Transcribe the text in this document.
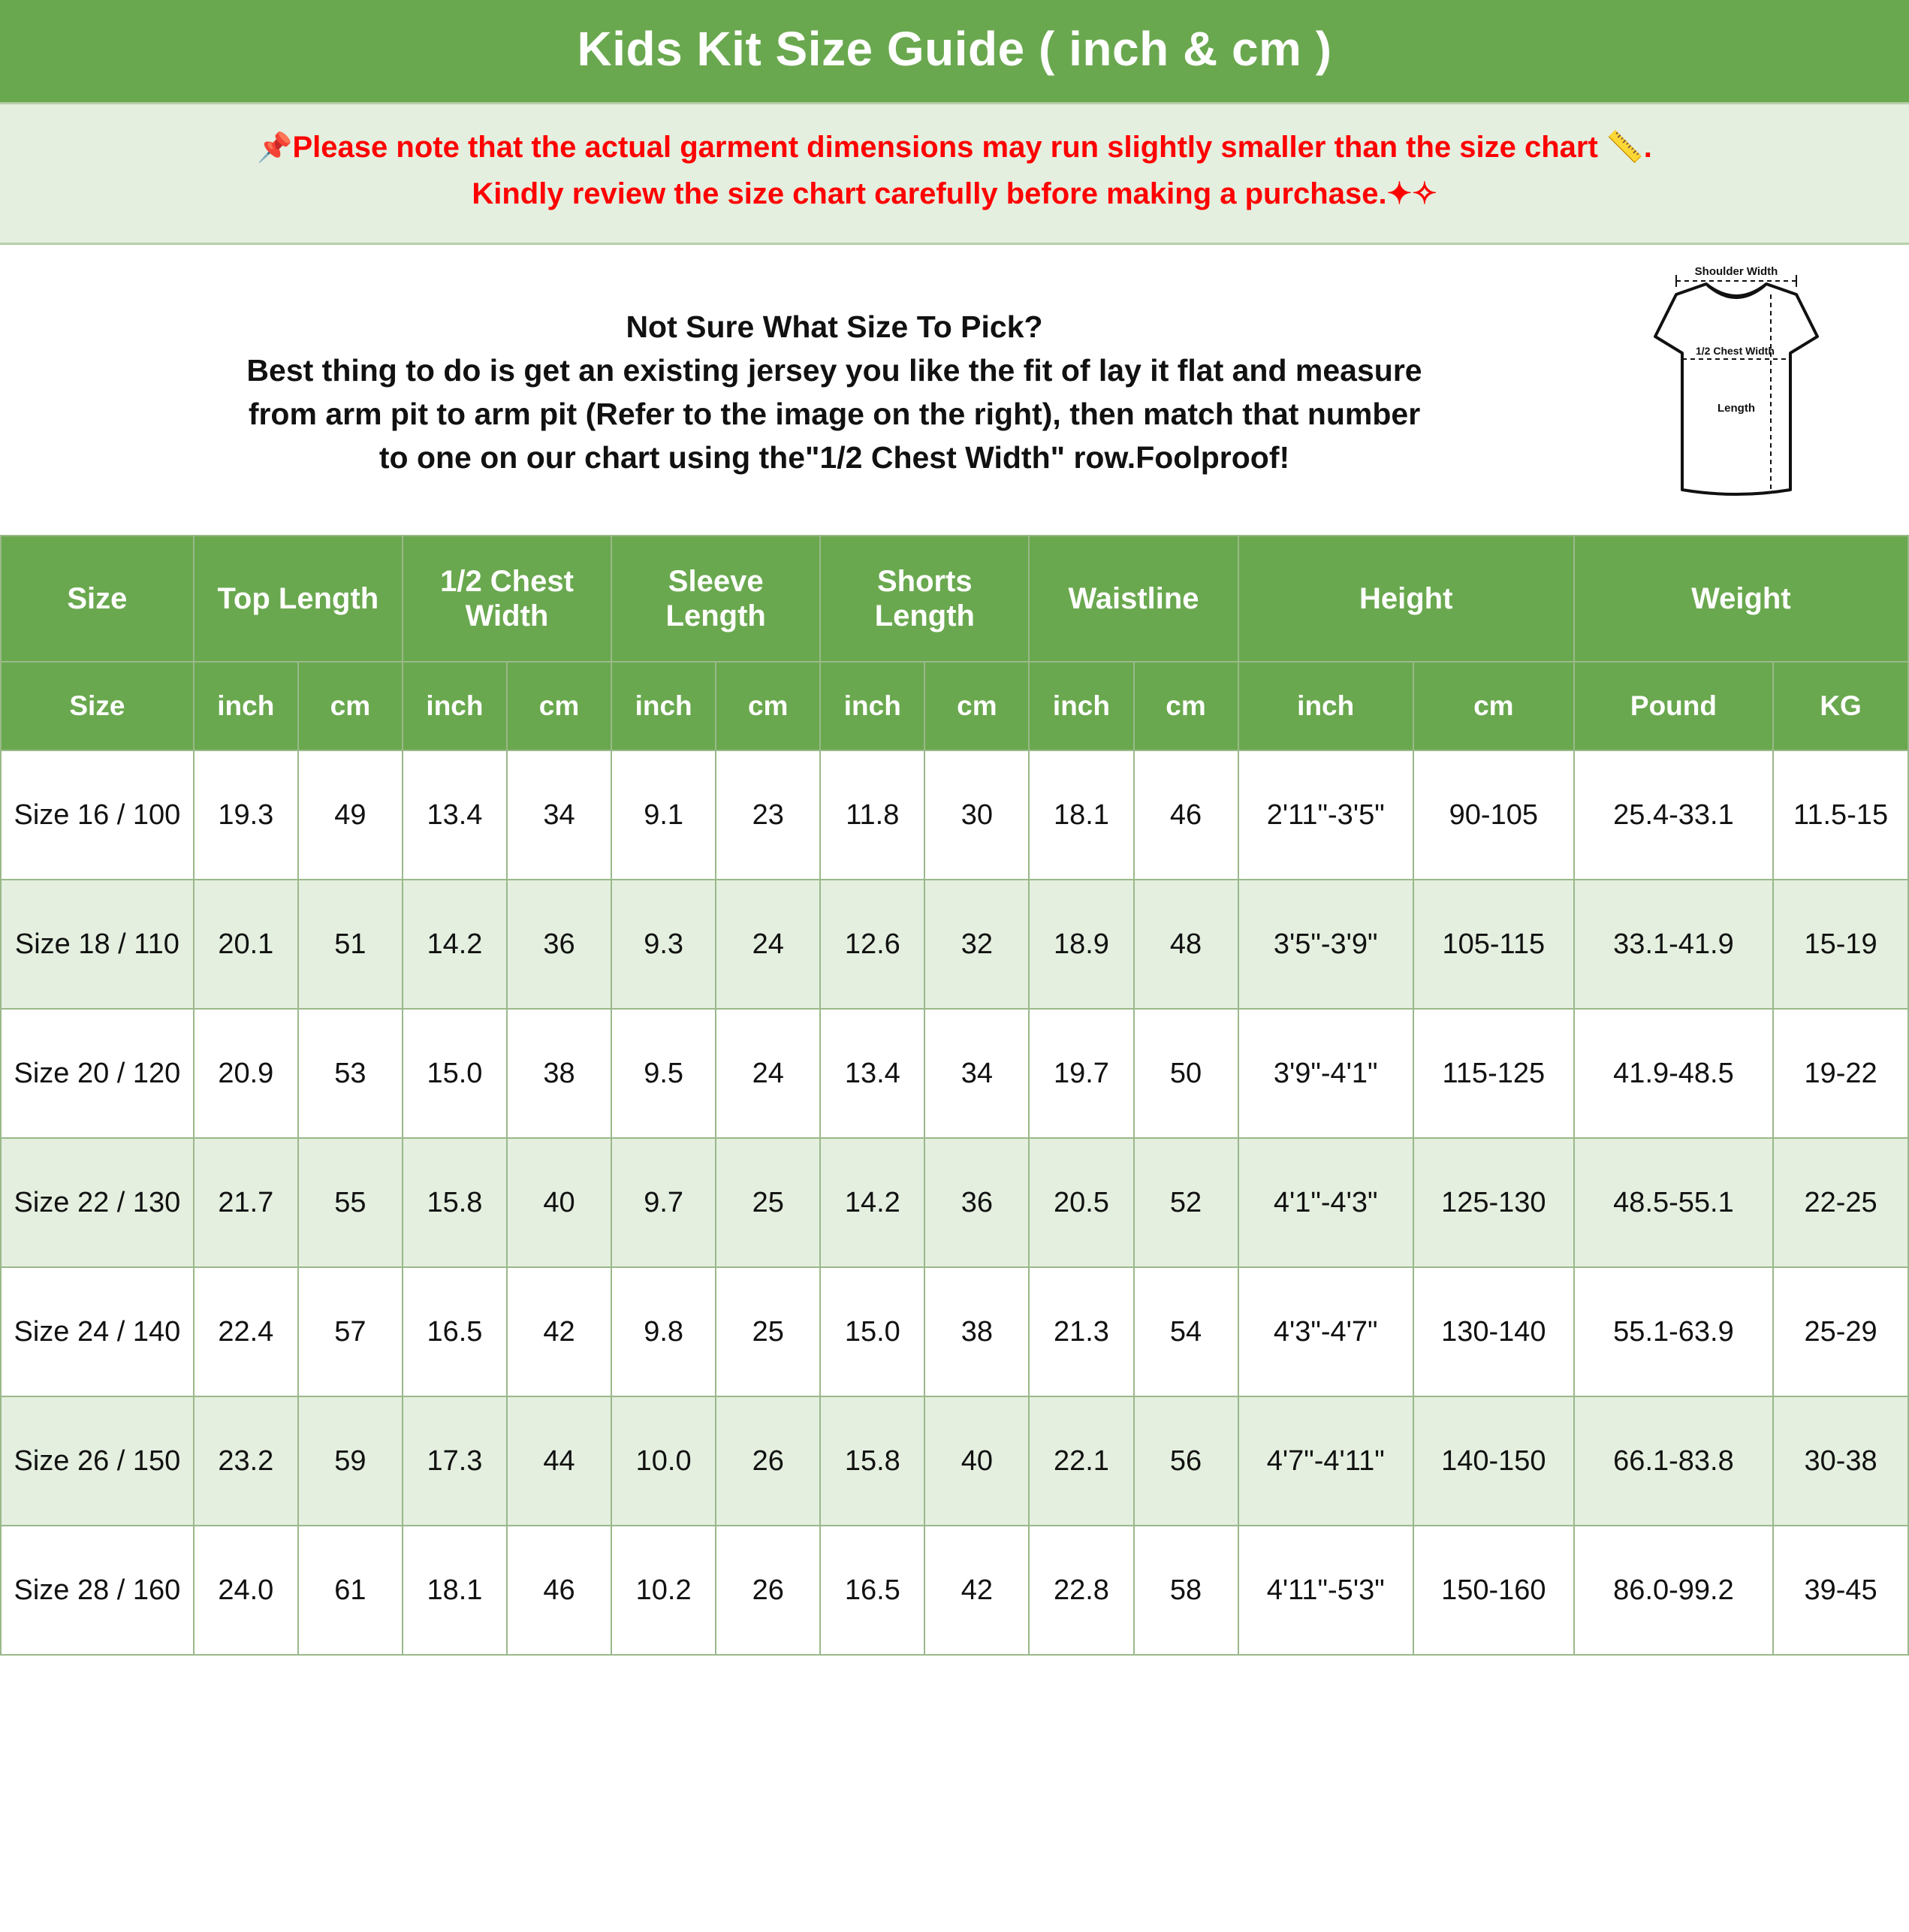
Kids Kit Size Guide ( inch & cm )
📌Please note that the actual garment dimensions may run slightly smaller than the size chart 📏.
Kindly review the size chart carefully before making a purchase.✦✧
Not Sure What Size To Pick?
Best thing to do is get an existing jersey you like the fit of lay it flat and measure
from arm pit to arm pit (Refer to the image on the right), then match that number
to one on our chart using the"1/2 Chest Width" row.Foolproof!
Shoulder Width
1/2 Chest Width
Length
Size	Top Length		1/2 Chest Width		Sleeve Length		Shorts Length		Waistline		Height		Weight	
Size	inch	cm	inch	cm	inch	cm	inch	cm	inch	cm	inch	cm	Pound	KG
Size 16 / 100	19.3	49	13.4	34	9.1	23	11.8	30	18.1	46	2'11"-3'5"	90-105	25.4-33.1	11.5-15
Size 18 / 110	20.1	51	14.2	36	9.3	24	12.6	32	18.9	48	3'5"-3'9"	105-115	33.1-41.9	15-19
Size 20 / 120	20.9	53	15.0	38	9.5	24	13.4	34	19.7	50	3'9"-4'1"	115-125	41.9-48.5	19-22
Size 22 / 130	21.7	55	15.8	40	9.7	25	14.2	36	20.5	52	4'1"-4'3"	125-130	48.5-55.1	22-25
Size 24 / 140	22.4	57	16.5	42	9.8	25	15.0	38	21.3	54	4'3"-4'7"	130-140	55.1-63.9	25-29
Size 26 / 150	23.2	59	17.3	44	10.0	26	15.8	40	22.1	56	4'7"-4'11"	140-150	66.1-83.8	30-38
Size 28 / 160	24.0	61	18.1	46	10.2	26	16.5	42	22.8	58	4'11"-5'3"	150-160	86.0-99.2	39-45
